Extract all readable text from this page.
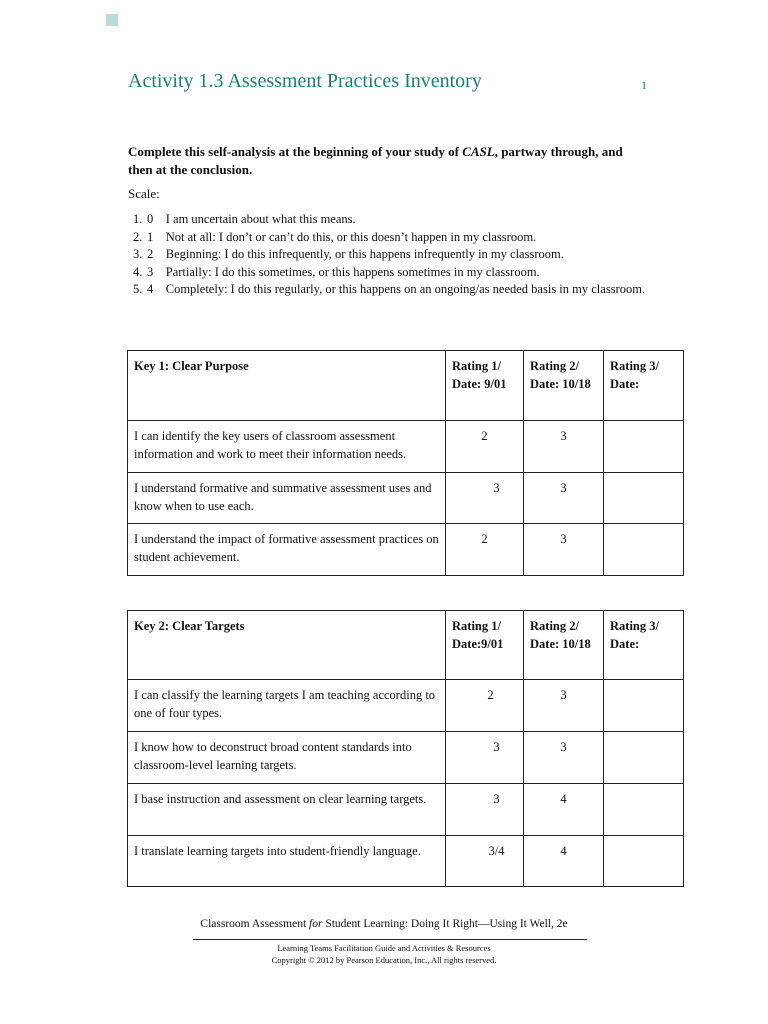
Activity 1.3 Assessment Practices Inventory	1
Complete this self-analysis at the beginning of your study of CASL, partway through, and then at the conclusion.
Scale:
1. 0    I am uncertain about what this means.
2. 1    Not at all: I don’t or can’t do this, or this doesn’t happen in my classroom.
3. 2    Beginning: I do this infrequently, or this happens infrequently in my classroom.
4. 3    Partially: I do this sometimes, or this happens sometimes in my classroom.
5. 4    Completely: I do this regularly, or this happens on an ongoing/as needed basis in my classroom.
Key 1: Clear Purpose	Rating 1/ Date: 9/01	Rating 2/ Date: 10/18	Rating 3/ Date:
I can identify the key users of classroom assessment information and work to meet their information needs.	2	3	
I understand formative and summative assessment uses and know when to use each.	3	3	
I understand the impact of formative assessment practices on student achievement.	2	3	
Key 2: Clear Targets	Rating 1/ Date:9/01	Rating 2/ Date: 10/18	Rating 3/ Date:
I can classify the learning targets I am teaching according to one of four types.	2	3	
I know how to deconstruct broad content standards into classroom-level learning targets.	3	3	
I base instruction and assessment on clear learning targets.	3	4	
I translate learning targets into student-friendly language.	3/4	4	
Classroom Assessment for Student Learning: Doing It Right—Using It Well, 2e
Learning Teams Facilitation Guide and Activities & Resources
Copyright © 2012 by Pearson Education, Inc., All rights reserved.
